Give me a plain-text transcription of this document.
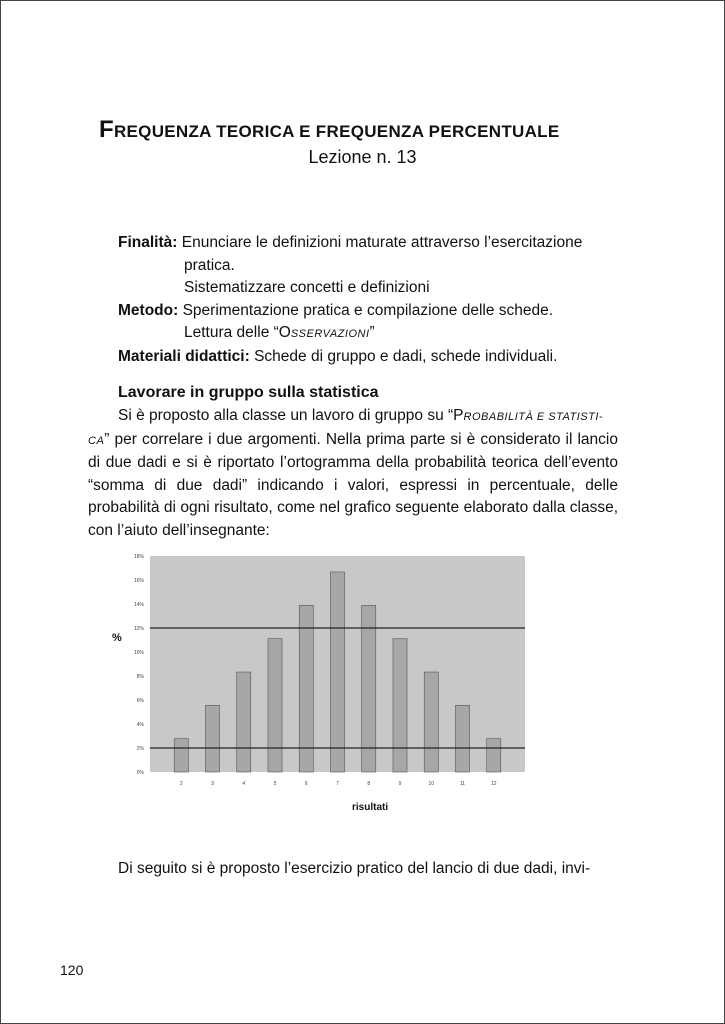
FREQUENZA TEORICA E FREQUENZA PERCENTUALE
Lezione n. 13
Finalità: Enunciare le definizioni maturate attraverso l’esercitazione
pratica.
Sistematizzare concetti e definizioni
Metodo: Sperimentazione pratica e compilazione delle schede.
Lettura delle “OSSERVAZIONI”
Materiali didattici: Schede di gruppo e dadi, schede individuali.
Lavorare in gruppo sulla statistica
Si è proposto alla classe un lavoro di gruppo su “PROBABILITÀ E STATISTI-
CA” per correlare i due argomenti. Nella prima parte si è considerato il lancio di due dadi e si è riportato l’ortogramma della probabilità teorica dell’evento “somma di due dadi” indicando i valori, espressi in percentuale, delle probabilità di ogni risultato, come nel grafico seguente elaborato dalla classe, con l’aiuto dell’insegnante:
%
0%
2%
4%
6%
8%
10%
12%
14%
16%
18%
2	3	4	5	6	7	8	9	10	11	12
risultati
Di seguito si è proposto l’esercizio pratico del lancio di due dadi, invi-
120
